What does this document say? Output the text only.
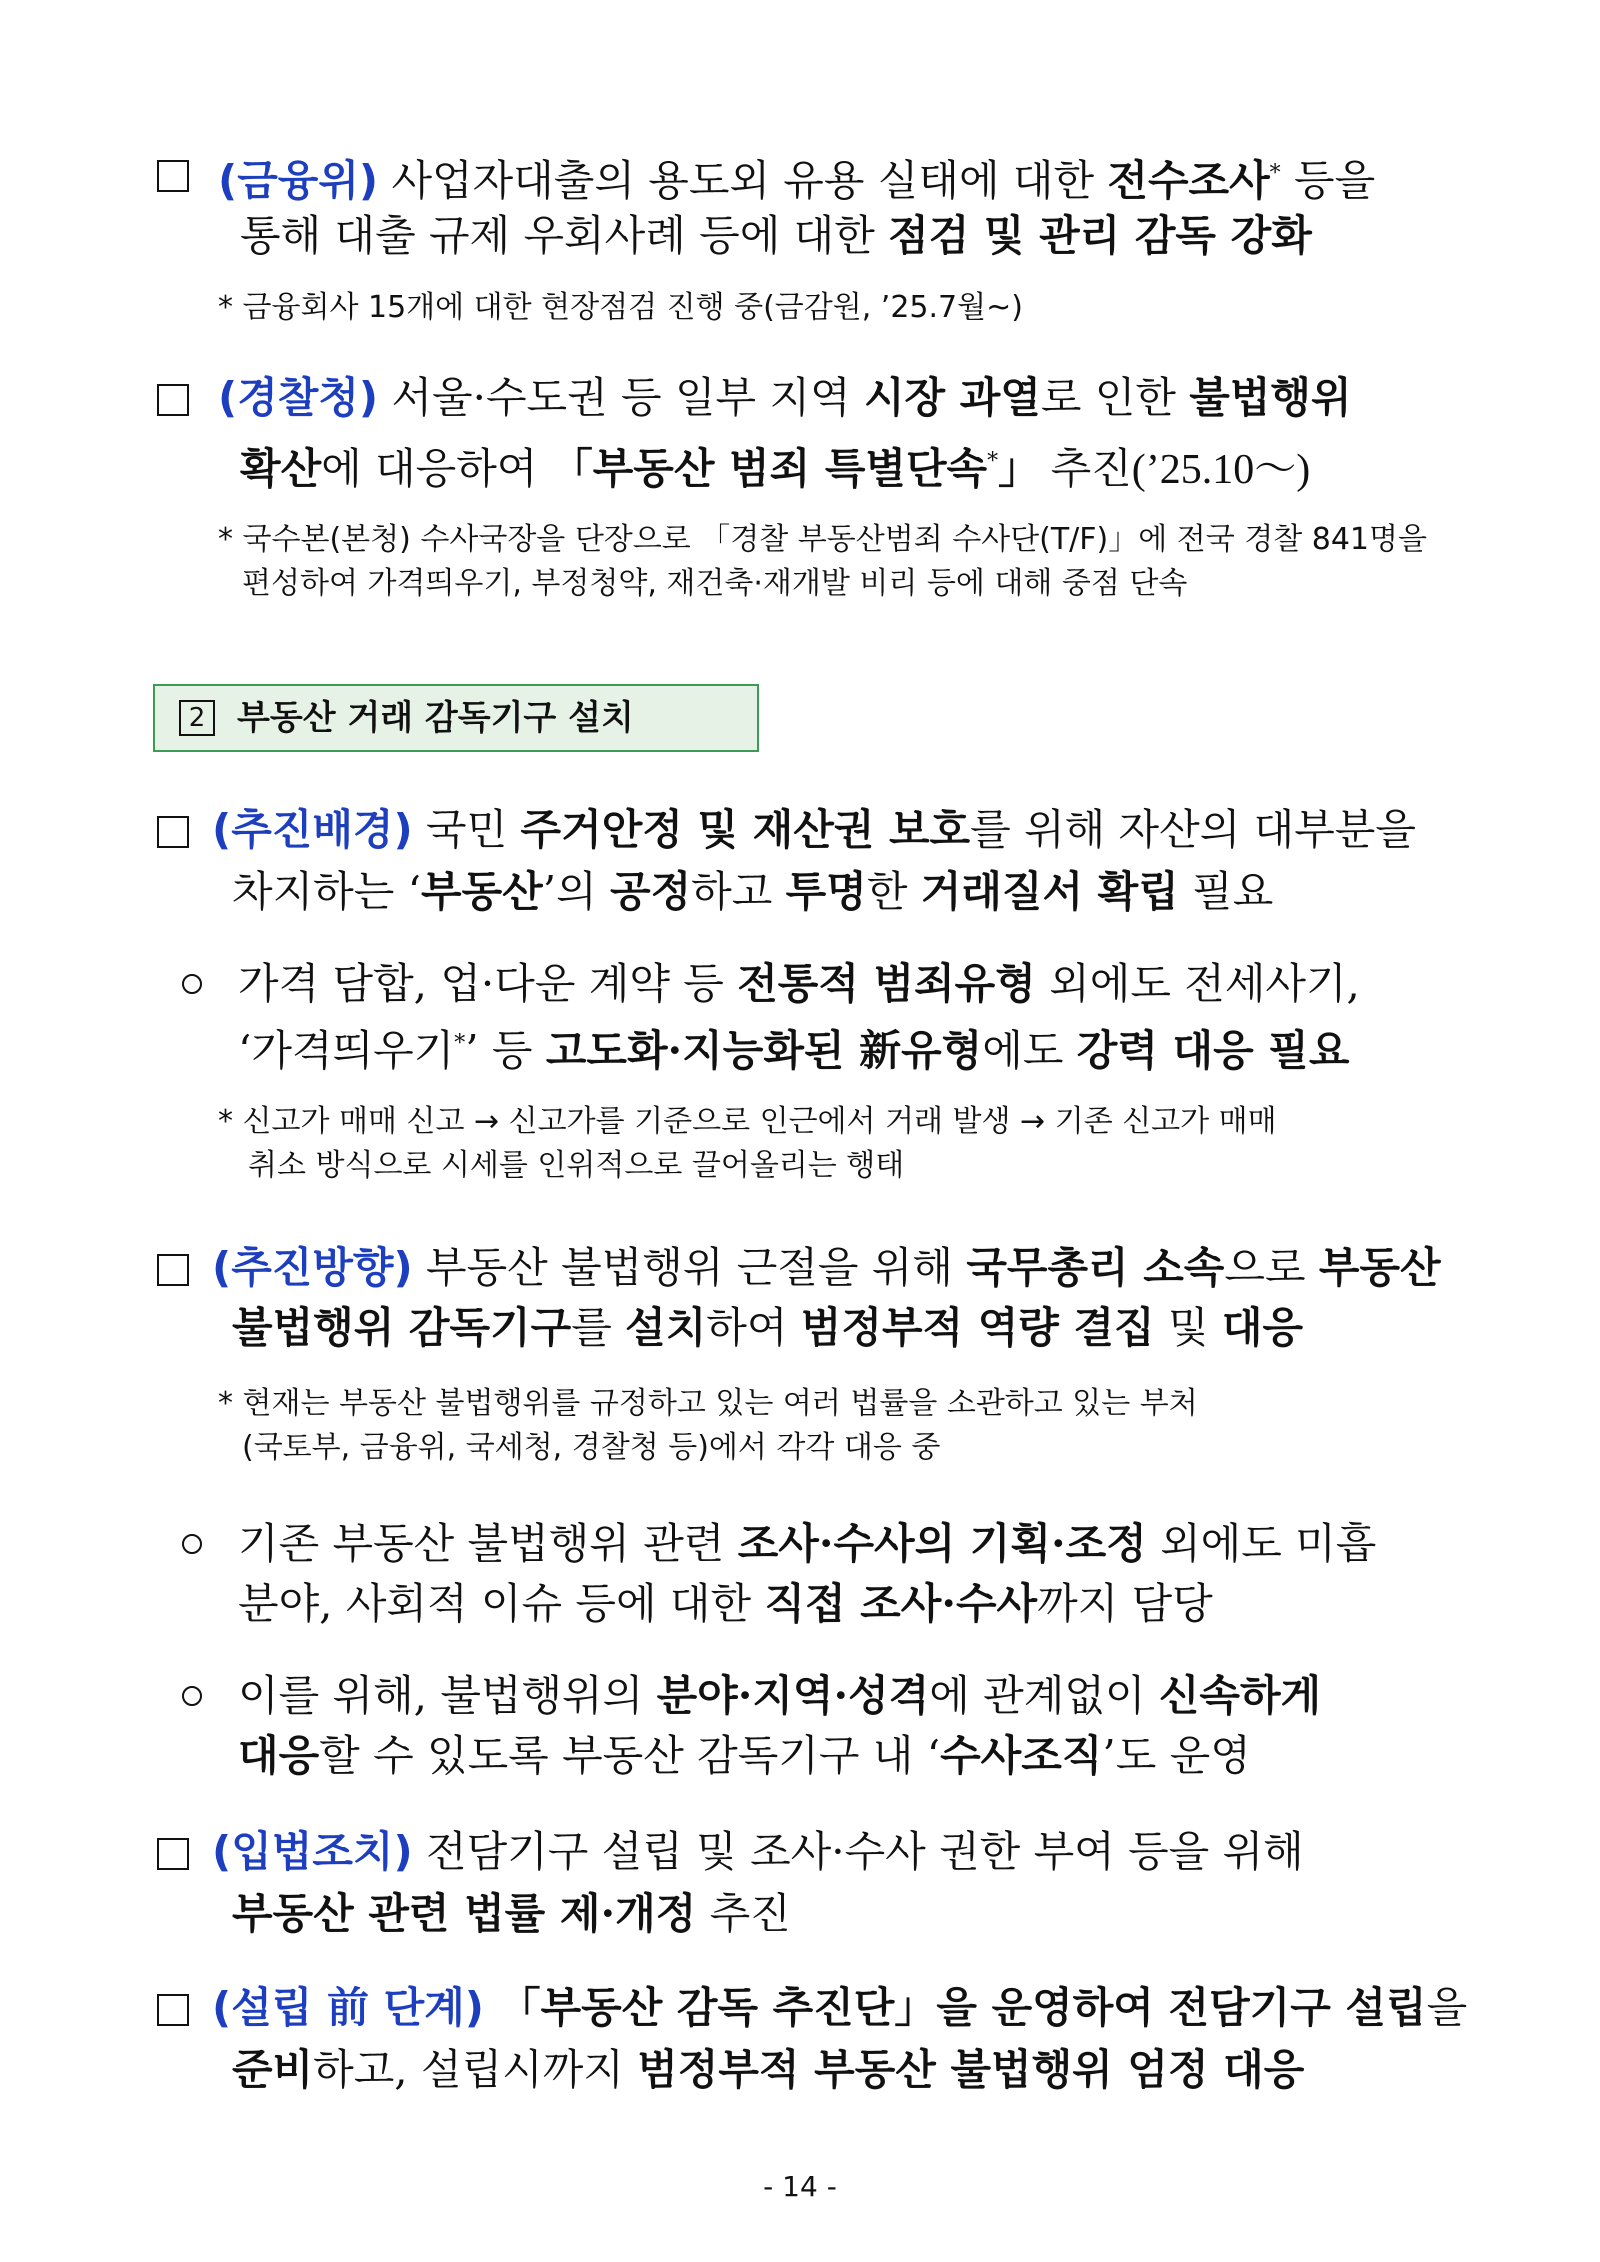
(금융위) 사업자대출의 용도외 유용 실태에 대한 전수조사* 등을
통해 대출 규제 우회사례 등에 대한 점검 및 관리 감독 강화
* 금융회사 15개에 대한 현장점검 진행 중(금감원, ’25.7월~)
(경찰청) 서울·수도권 등 일부 지역 시장 과열로 인한 불법행위
확산에 대응하여 「부동산 범죄 특별단속*」 추진(’25.10～)
* 국수본(본청) 수사국장을 단장으로 「경찰 부동산범죄 수사단(T/F)」에 전국 경찰 841명을
편성하여 가격띄우기, 부정청약, 재건축·재개발 비리 등에 대해 중점 단속
2 부동산 거래 감독기구 설치
(추진배경) 국민 주거안정 및 재산권 보호를 위해 자산의 대부분을
차지하는 ‘부동산’의 공정하고 투명한 거래질서 확립 필요
가격 담합, 업·다운 계약 등 전통적 범죄유형 외에도 전세사기,
‘가격띄우기*’ 등 고도화·지능화된 新유형에도 강력 대응 필요
* 신고가 매매 신고 → 신고가를 기준으로 인근에서 거래 발생 → 기존 신고가 매매
취소 방식으로 시세를 인위적으로 끌어올리는 행태
(추진방향) 부동산 불법행위 근절을 위해 국무총리 소속으로 부동산
불법행위 감독기구를 설치하여 범정부적 역량 결집 및 대응
* 현재는 부동산 불법행위를 규정하고 있는 여러 법률을 소관하고 있는 부처
(국토부, 금융위, 국세청, 경찰청 등)에서 각각 대응 중
기존 부동산 불법행위 관련 조사·수사의 기획·조정 외에도 미흡
분야, 사회적 이슈 등에 대한 직접 조사·수사까지 담당
이를 위해, 불법행위의 분야·지역·성격에 관계없이 신속하게
대응할 수 있도록 부동산 감독기구 내 ‘수사조직’도 운영
(입법조치) 전담기구 설립 및 조사·수사 권한 부여 등을 위해
부동산 관련 법률 제·개정 추진
(설립 前 단계) 「부동산 감독 추진단」을 운영하여 전담기구 설립을
준비하고, 설립시까지 범정부적 부동산 불법행위 엄정 대응
- 14 -
